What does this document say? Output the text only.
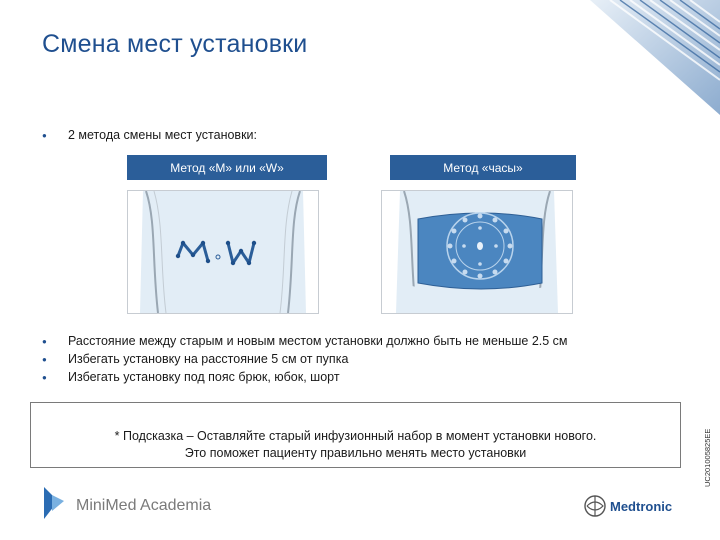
Смена мест установки
● 2 метода смены мест установки:
Метод «М» или «W»	Метод «часы»
● Расстояние между старым и новым местом установки должно быть не меньше 2.5 см
● Избегать установку на расстояние 5 см от пупка
● Избегать установку под пояс брюк, юбок, шорт
* Подсказка – Оставляйте старый инфузионный набор в момент установки нового.
Это поможет пациенту правильно менять место установки	UC201005825EE
MiniMed Academia	Medtronic
